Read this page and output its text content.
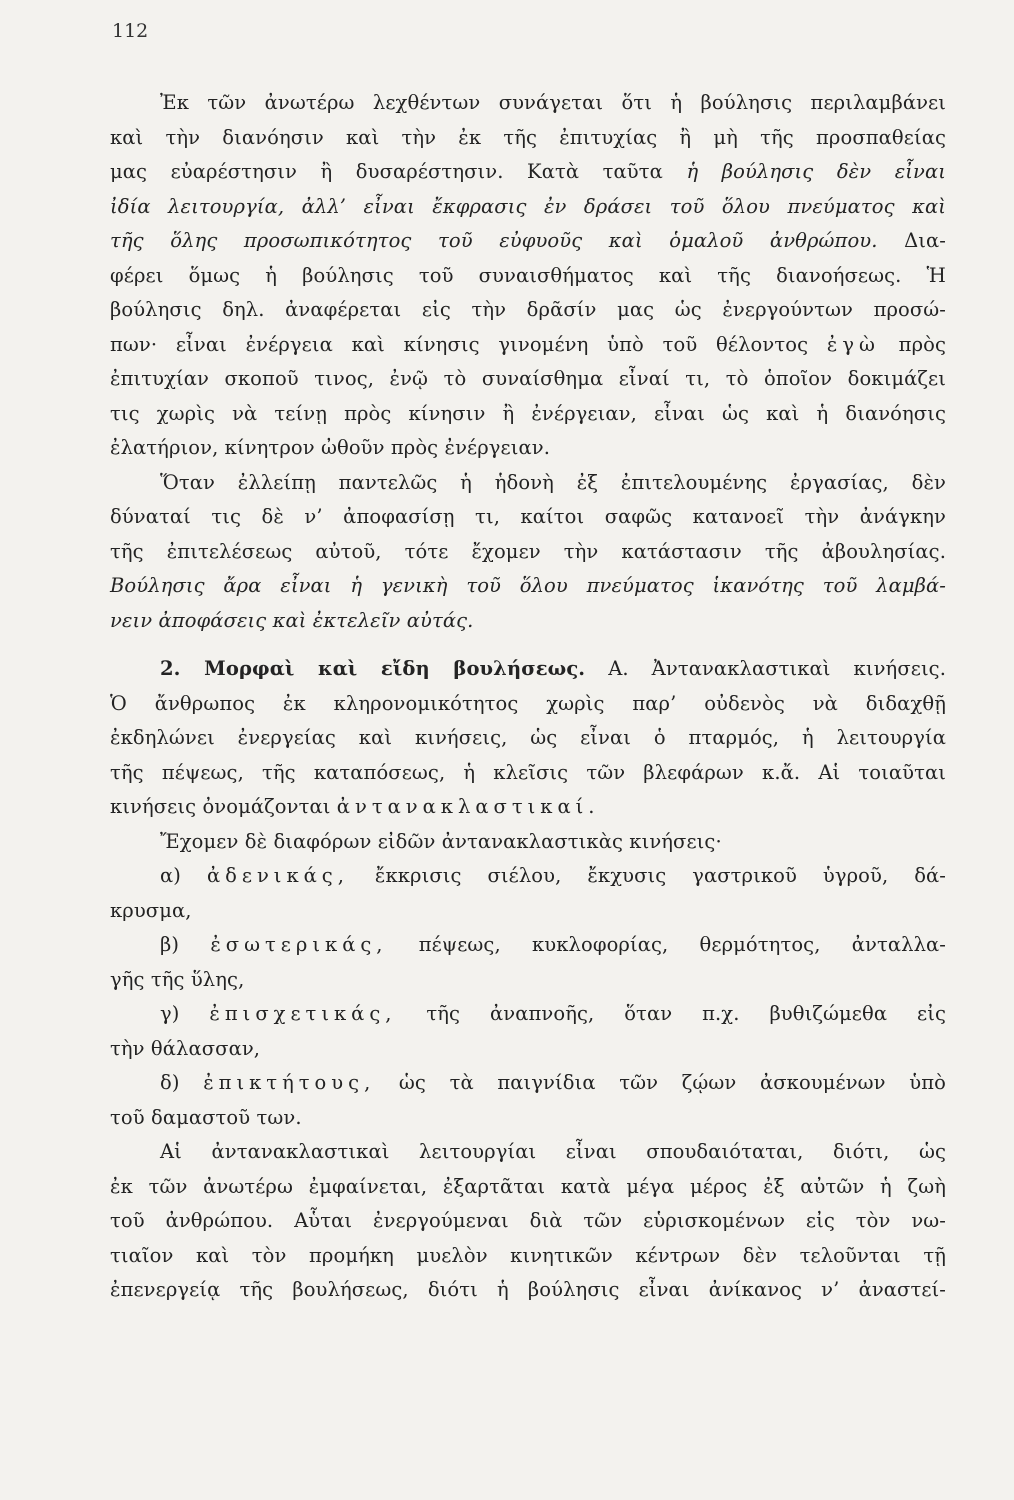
112
Ἐκ τῶν ἀνωτέρω λεχθέντων συνάγεται ὅτι ἡ βούλησις περιλαμβάνει
καὶ τὴν διανόησιν καὶ τὴν ἐκ τῆς ἐπιτυχίας ἢ μὴ τῆς προσπαθείας
μας εὐαρέστησιν ἢ δυσαρέστησιν. Κατὰ ταῦτα ἡ βούλησις δὲν εἶναι
ἰδία λειτουργία, ἀλλ’ εἶναι ἔκφρασις ἐν δράσει τοῦ ὅλου πνεύματος καὶ
τῆς ὅλης προσωπικότητος τοῦ εὐφυοῦς καὶ ὁμαλοῦ ἀνθρώπου. Δια-
φέρει ὅμως ἡ βούλησις τοῦ συναισθήματος καὶ τῆς διανοήσεως. Ἡ
βούλησις δηλ. ἀναφέρεται εἰς τὴν δρᾶσίν μας ὡς ἐνεργούντων προσώ-
πων· εἶναι ἐνέργεια καὶ κίνησις γινομένη ὑπὸ τοῦ θέλοντος ἐγὼ πρὸς
ἐπιτυχίαν σκοποῦ τινος, ἐνῷ τὸ συναίσθημα εἶναί τι, τὸ ὁποῖον δοκιμάζει
τις χωρὶς νὰ τείνῃ πρὸς κίνησιν ἢ ἐνέργειαν, εἶναι ὡς καὶ ἡ διανόησις
ἐλατήριον, κίνητρον ὠθοῦν πρὸς ἐνέργειαν.
Ὅταν ἐλλείπῃ παντελῶς ἡ ἡδονὴ ἐξ ἐπιτελουμένης ἐργασίας, δὲν
δύναταί τις δὲ ν’ ἀποφασίσῃ τι, καίτοι σαφῶς κατανοεῖ τὴν ἀνάγκην
τῆς ἐπιτελέσεως αὐτοῦ, τότε ἔχομεν τὴν κατάστασιν τῆς ἀβουλησίας.
Βούλησις ἄρα εἶναι ἡ γενικὴ τοῦ ὅλου πνεύματος ἱκανότης τοῦ λαμβά-
νειν ἀποφάσεις καὶ ἐκτελεῖν αὐτάς.
2. Μορφαὶ καὶ εἴδη βουλήσεως. Α. Ἀντανακλαστικαὶ κινήσεις.
Ὁ ἄνθρωπος ἐκ κληρονομικότητος χωρὶς παρ’ οὐδενὸς νὰ διδαχθῇ
ἐκδηλώνει ἐνεργείας καὶ κινήσεις, ὡς εἶναι ὁ πταρμός, ἡ λειτουργία
τῆς πέψεως, τῆς καταπόσεως, ἡ κλεῖσις τῶν βλεφάρων κ.ἄ. Αἱ τοιαῦται
κινήσεις ὀνομάζονται ἀντανακλαστικαί.
Ἔχομεν δὲ διαφόρων εἰδῶν ἀντανακλαστικὰς κινήσεις·
α) ἀδενικάς, ἔκκρισις σιέλου, ἔκχυσις γαστρικοῦ ὑγροῦ, δά-
κρυσμα,
β) ἐσωτερικάς, πέψεως, κυκλοφορίας, θερμότητος, ἀνταλλα-
γῆς τῆς ὕλης,
γ) ἐπισχετικάς, τῆς ἀναπνοῆς, ὅταν π.χ. βυθιζώμεθα εἰς
τὴν θάλασσαν,
δ) ἐπικτήτους, ὡς τὰ παιγνίδια τῶν ζῴων ἀσκουμένων ὑπὸ
τοῦ δαμαστοῦ των.
Αἱ ἀντανακλαστικαὶ λειτουργίαι εἶναι σπουδαιόταται, διότι, ὡς
ἐκ τῶν ἀνωτέρω ἐμφαίνεται, ἐξαρτᾶται κατὰ μέγα μέρος ἐξ αὐτῶν ἡ ζωὴ
τοῦ ἀνθρώπου. Αὗται ἐνεργούμεναι διὰ τῶν εὑρισκομένων εἰς τὸν νω-
τιαῖον καὶ τὸν προμήκη μυελὸν κινητικῶν κέντρων δὲν τελοῦνται τῇ
ἐπενεργείᾳ τῆς βουλήσεως, διότι ἡ βούλησις εἶναι ἀνίκανος ν’ ἀναστεί-
